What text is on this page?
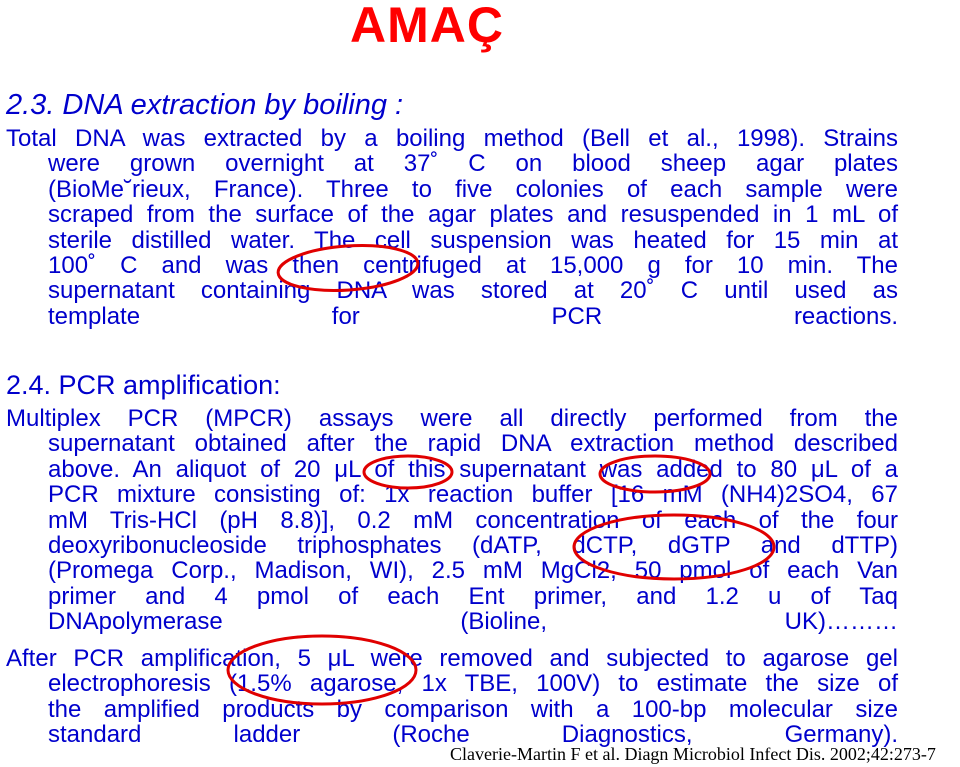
AMAÇ
2.3. DNA extraction by boiling :
Total DNA was extracted by a boiling method (Bell et al., 1998). Strains
were grown overnight at 37˚ C on blood sheep agar plates
(BioMe˘rieux, France). Three to five colonies of each sample were
scraped from the surface of the agar plates and resuspended in 1 mL of
sterile distilled water. The cell suspension was heated for 15 min at
100˚ C and was then centrifuged at 15,000 g for 10 min. The
supernatant containing DNA was stored at 20˚ C until used as
template for PCR reactions.
2.4. PCR amplification:
Multiplex PCR (MPCR) assays were all directly performed from the
supernatant obtained after the rapid DNA extraction method described
above. An aliquot of 20 μL of this supernatant was added to 80 μL of a
PCR mixture consisting of: 1x reaction buffer [16 mM (NH4)2SO4, 67
mM Tris-HCl (pH 8.8)], 0.2 mM concentration of each of the four
deoxyribonucleoside triphosphates (dATP, dCTP, dGTP and dTTP)
(Promega Corp., Madison, WI), 2.5 mM MgCl2, 50 pmol of each Van
primer and 4 pmol of each Ent primer, and 1.2 u of Taq
DNApolymerase (Bioline, UK)………
After PCR amplification, 5 μL were removed and subjected to agarose gel
electrophoresis (1.5% agarose, 1x TBE, 100V) to estimate the size of
the amplified products by comparison with a 100-bp molecular size
standard ladder (Roche Diagnostics, Germany).
Claverie-Martin F et al. Diagn Microbiol Infect Dis. 2002;42:273-7
